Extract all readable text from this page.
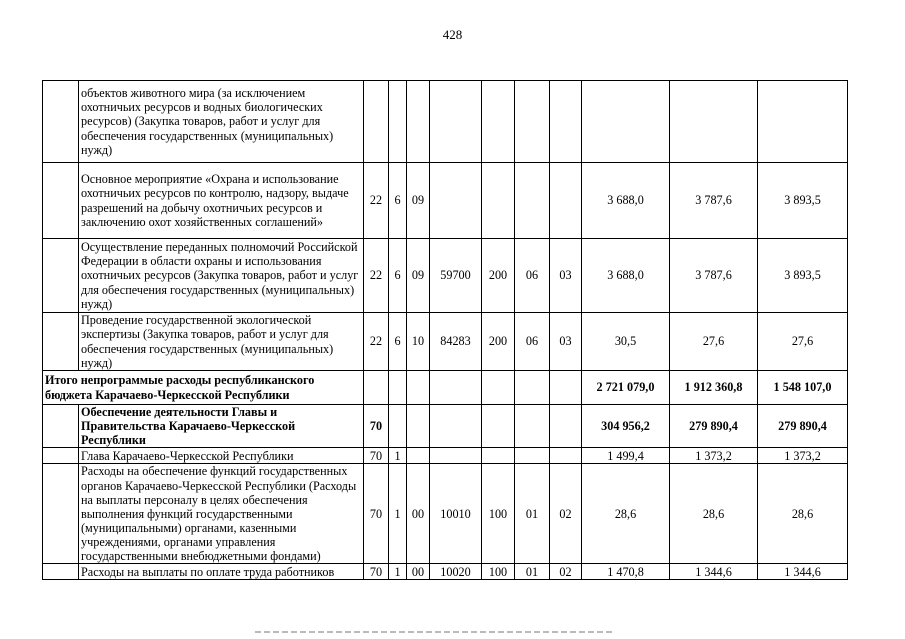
428
	объектов животного мира (за исключением охотничьих ресурсов и водных биологических ресурсов) (Закупка товаров, работ и услуг для обеспечения государственных (муниципальных) нужд)										
	Основное мероприятие «Охрана и использование охотничьих ресурсов по контролю, надзору, выдаче разрешений на добычу охотничьих ресурсов и заключению охот хозяйственных соглашений»	22	6	09					3 688,0	3 787,6	3 893,5
	Осуществление переданных полномочий Российской Федерации в области охраны и использования охотничьих ресурсов (Закупка товаров, работ и услуг для обеспечения государственных (муниципальных) нужд)	22	6	09	59700	200	06	03	3 688,0	3 787,6	3 893,5
	Проведение государственной экологической экспертизы (Закупка товаров, работ и услуг для обеспечения государственных (муниципальных) нужд)	22	6	10	84283	200	06	03	30,5	27,6	27,6
Итого непрограммые расходы республиканского бюджета Карачаево-Черкесской Республики									2 721 079,0	1 912 360,8	1 548 107,0
	Обеспечение деятельности Главы и Правительства Карачаево-Черкесской Республики	70							304 956,2	279 890,4	279 890,4
	Глава Карачаево-Черкесской Республики	70	1						1 499,4	1 373,2	1 373,2
	Расходы на обеспечение функций государственных органов Карачаево-Черкесской Республики (Расходы на выплаты персоналу в целях обеспечения выполнения функций государственными (муниципальными) органами, казенными учреждениями, органами управления государственными внебюджетными фондами)	70	1	00	10010	100	01	02	28,6	28,6	28,6
	Расходы на выплаты по оплате труда работников	70	1	00	10020	100	01	02	1 470,8	1 344,6	1 344,6
